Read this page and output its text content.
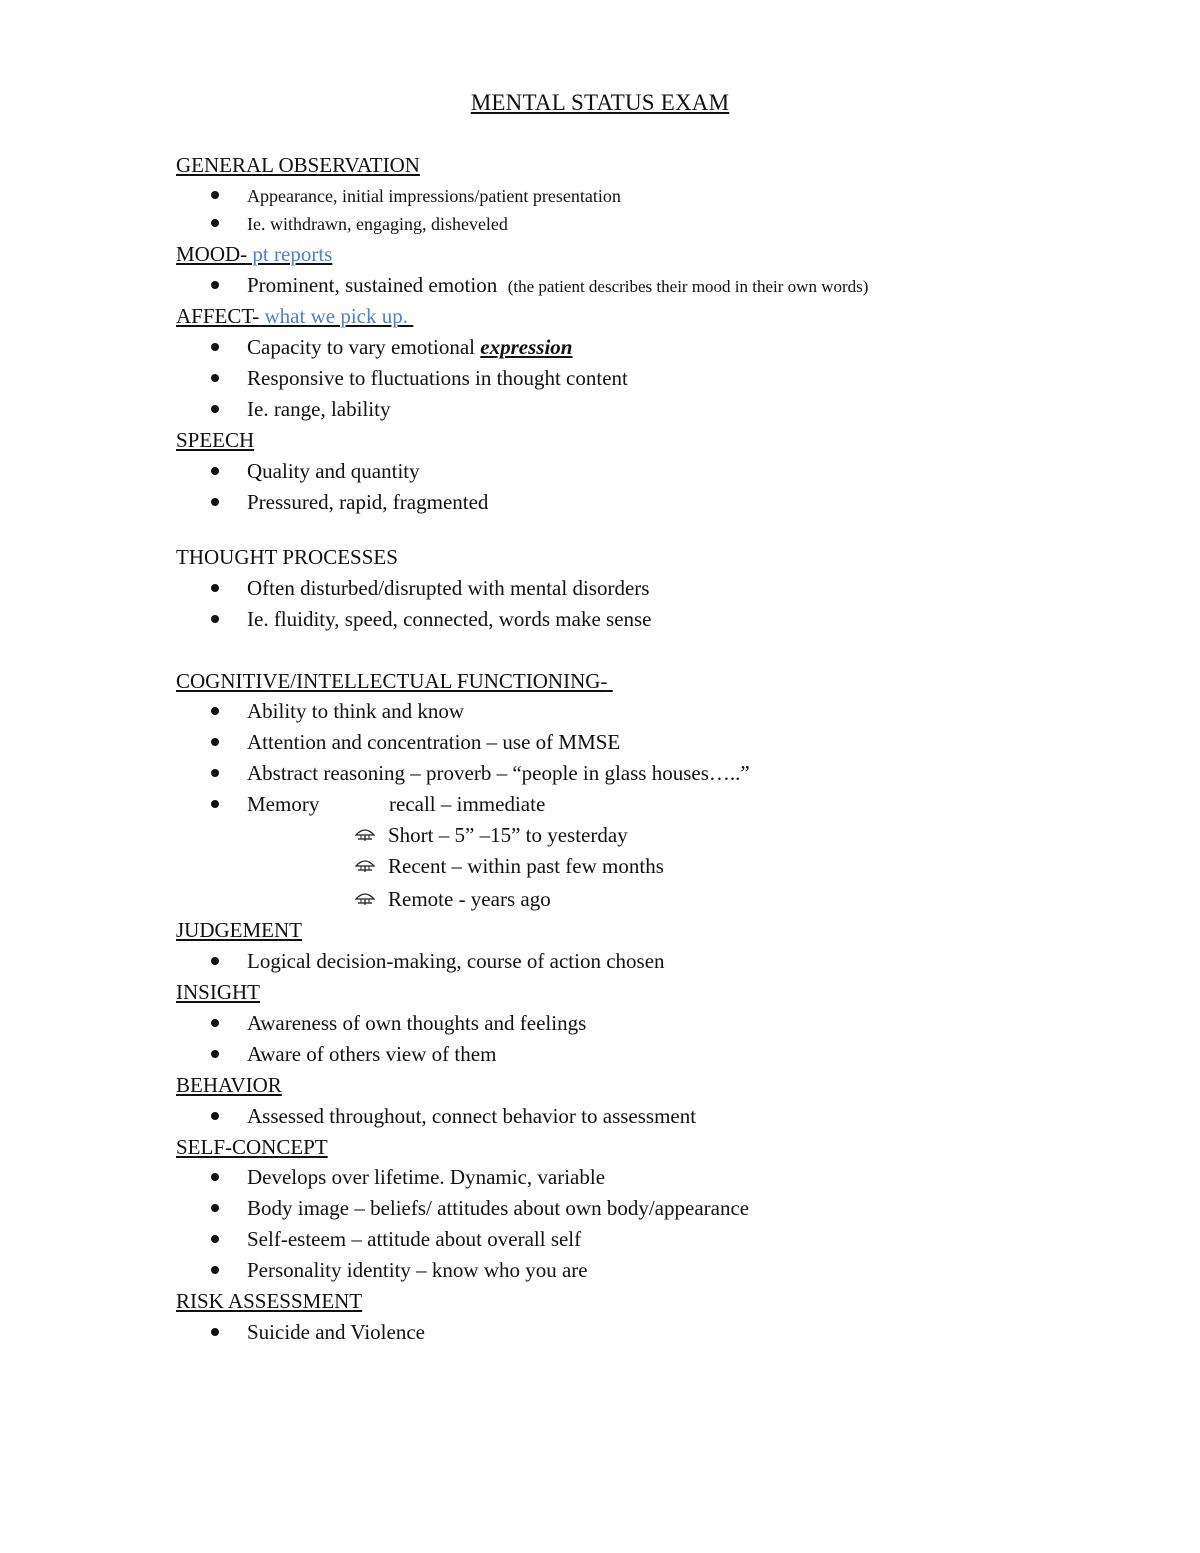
MENTAL STATUS EXAM
GENERAL OBSERVATION
Appearance, initial impressions/patient presentation
Ie. withdrawn, engaging, disheveled
MOOD- pt reports
Prominent, sustained emotion (the patient describes their mood in their own words)
AFFECT- what we pick up.
Capacity to vary emotional expression
Responsive to fluctuations in thought content
Ie. range, lability
SPEECH
Quality and quantity
Pressured, rapid, fragmented
THOUGHT PROCESSES
Often disturbed/disrupted with mental disorders
Ie. fluidity, speed, connected, words make sense
COGNITIVE/INTELLECTUAL FUNCTIONING-
Ability to think and know
Attention and concentration – use of MMSE
Abstract reasoning – proverb – “people in glass houses…..”
Memory	recall – immediate
Short – 5” –15” to yesterday
Recent – within past few months
Remote - years ago
JUDGEMENT
Logical decision-making, course of action chosen
INSIGHT
Awareness of own thoughts and feelings
Aware of others view of them
BEHAVIOR
Assessed throughout, connect behavior to assessment
SELF-CONCEPT
Develops over lifetime. Dynamic, variable
Body image – beliefs/ attitudes about own body/appearance
Self-esteem – attitude about overall self
Personality identity – know who you are
RISK ASSESSMENT
Suicide and Violence
